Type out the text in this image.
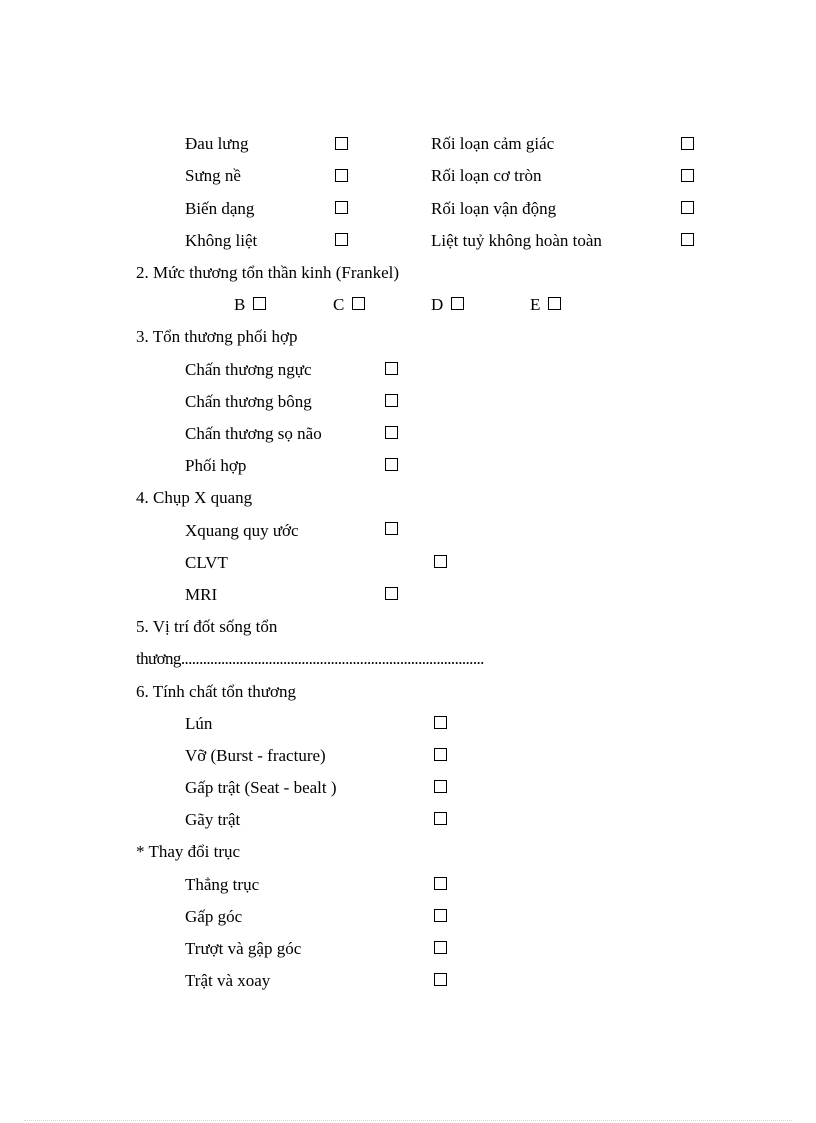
Đau lưng	Rối loạn cảm giác
Sưng nề	Rối loạn cơ tròn
Biến dạng	Rối loạn vận động
Không liệt	Liệt tuỷ không hoàn toàn
2. Mức thương tổn thần kinh (Frankel)
B	C	D	E
3. Tổn thương phối hợp
Chấn thương ngực
Chấn thương bông
Chấn thương sọ não
Phối hợp
4. Chụp X quang
Xquang quy ước
CLVT
MRI
5. Vị trí đốt sống tổn
thương...................................................................................
6. Tính chất tổn thương
Lún
Vỡ (Burst - fracture)
Gấp trật (Seat - bealt )
Gãy trật
* Thay đổi trục
Thẳng trục
Gấp góc
Trượt và gập góc
Trật và xoay
